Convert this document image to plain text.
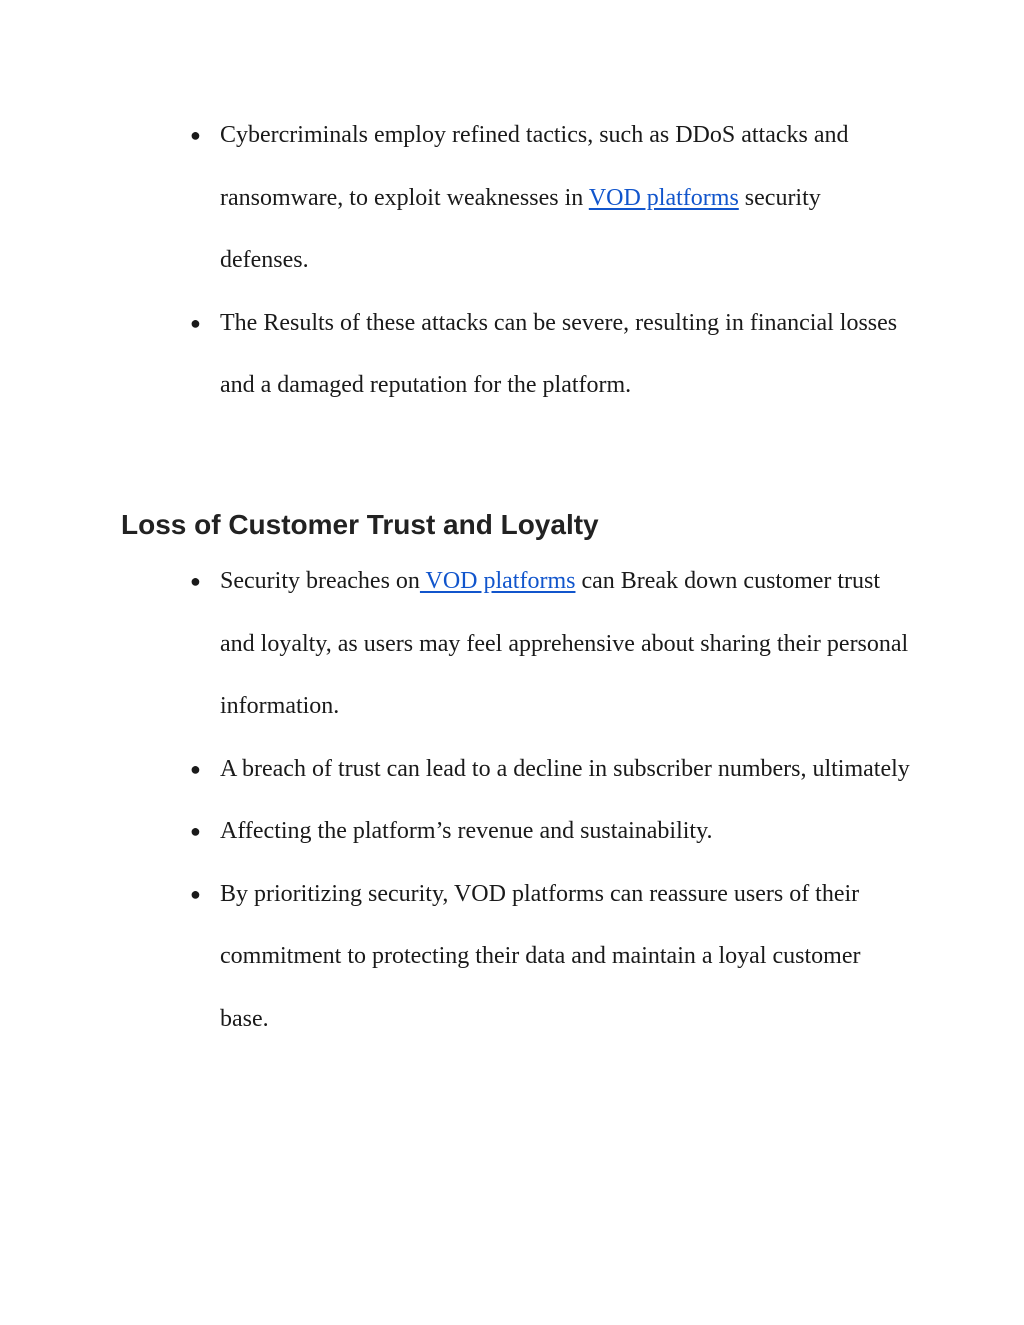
● Cybercriminals employ refined tactics, such as DDoS attacks and ransomware, to exploit weaknesses in VOD platforms security defenses.
● The Results of these attacks can be severe, resulting in financial losses and a damaged reputation for the platform.
Loss of Customer Trust and Loyalty
● Security breaches on VOD platforms can Break down customer trust and loyalty, as users may feel apprehensive about sharing their personal information.
● A breach of trust can lead to a decline in subscriber numbers, ultimately
● Affecting the platform’s revenue and sustainability.
● By prioritizing security, VOD platforms can reassure users of their commitment to protecting their data and maintain a loyal customer base.
